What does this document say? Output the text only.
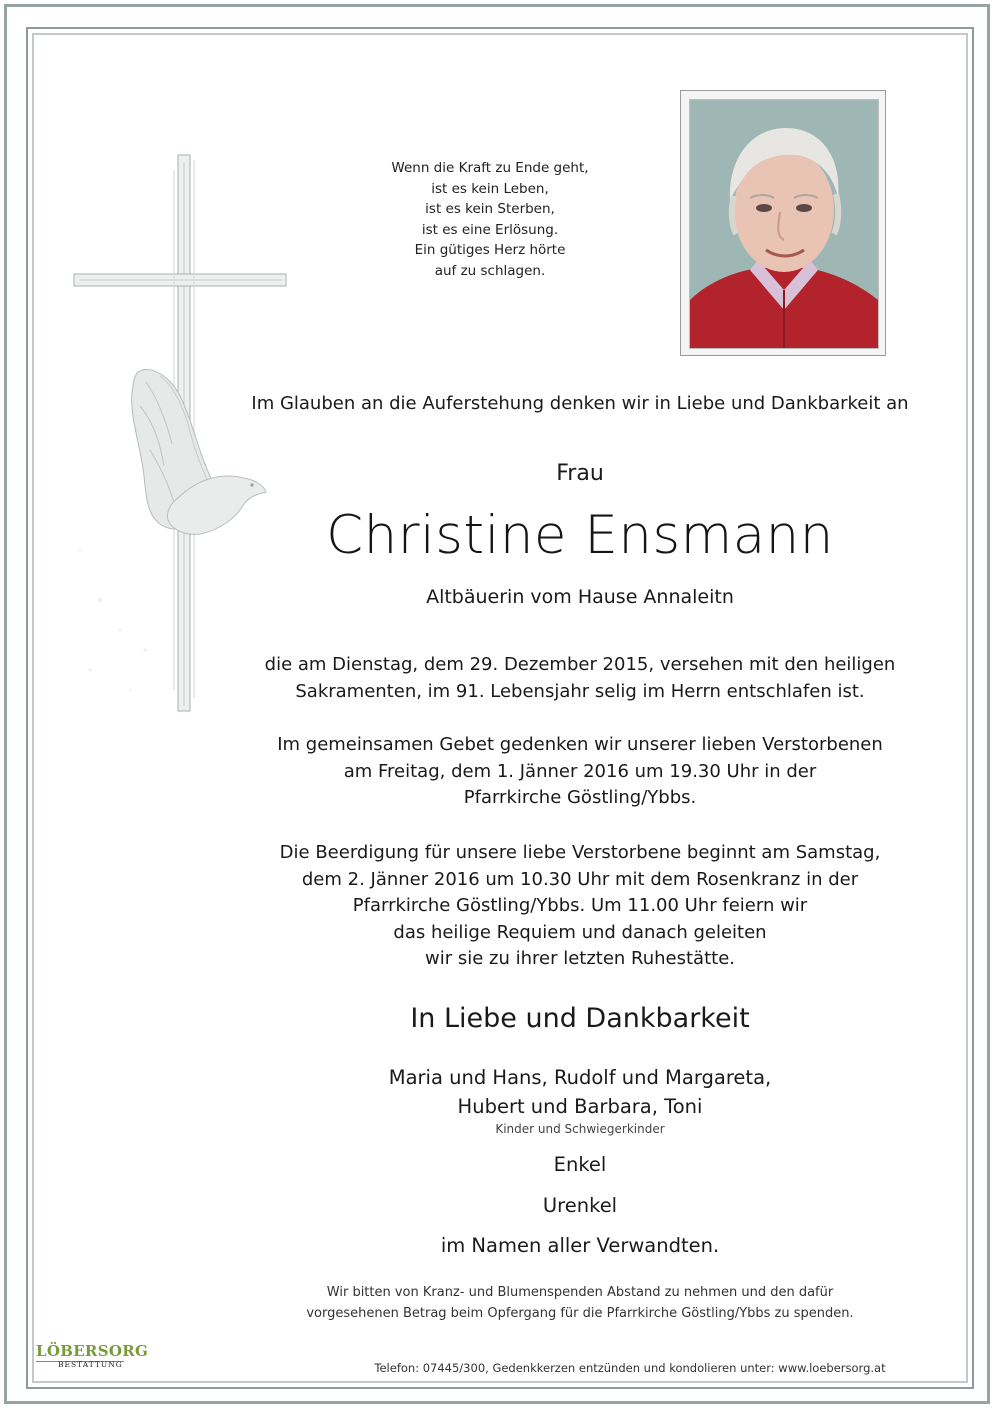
Wenn die Kraft zu Ende geht,
ist es kein Leben,
ist es kein Sterben,
ist es eine Erlösung.
Ein gütiges Herz hörte
auf zu schlagen.
Im Glauben an die Auferstehung denken wir in Liebe und Dankbarkeit an
Frau
Christine Ensmann
Altbäuerin vom Hause Annaleitn
die am Dienstag, dem 29. Dezember 2015, versehen mit den heiligen
Sakramenten, im 91. Lebensjahr selig im Herrn entschlafen ist.
Im gemeinsamen Gebet gedenken wir unserer lieben Verstorbenen
am Freitag, dem 1. Jänner 2016 um 19.30 Uhr in der
Pfarrkirche Göstling/Ybbs.
Die Beerdigung für unsere liebe Verstorbene beginnt am Samstag,
dem 2. Jänner 2016 um 10.30 Uhr mit dem Rosenkranz in der
Pfarrkirche Göstling/Ybbs. Um 11.00 Uhr feiern wir
das heilige Requiem und danach geleiten
wir sie zu ihrer letzten Ruhestätte.
In Liebe und Dankbarkeit
Maria und Hans, Rudolf und Margareta,
Hubert und Barbara, Toni
Kinder und Schwiegerkinder
Enkel
Urenkel
im Namen aller Verwandten.
Wir bitten von Kranz- und Blumenspenden Abstand zu nehmen und den dafür
vorgesehenen Betrag beim Opfergang für die Pfarrkirche Göstling/Ybbs zu spenden.
LÖBERSORG
BESTATTUNG	Telefon: 07445/300, Gedenkkerzen entzünden und kondolieren unter: www.loebersorg.at
